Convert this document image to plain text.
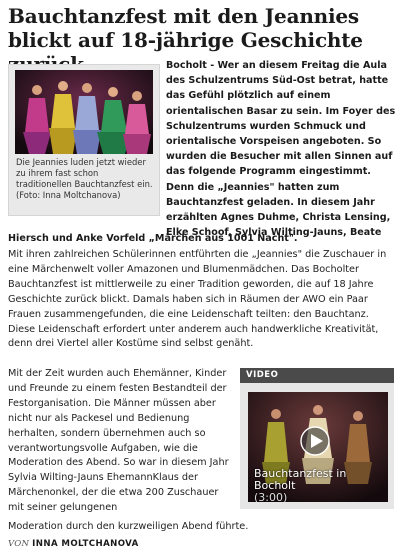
Bauchtanzfest mit den Jeannies blickt auf 18-jährige Geschichte
Die Jeannies luden jetzt wieder zu ihrem fast schon traditionellen Bauchtanzfest ein.
(Foto: Inna Moltchanova)

Bocholt - Wer an diesem Freitag die Aula des Schulzentrums Süd-Ost betrat, hatte das Gefühl plötzlich auf einem orientalischen Basar zu sein. Im Foyer des Schulzentrums wurden Schmuck und orientalische Vorspeisen angeboten. So wurden die Besucher mit allen Sinnen auf das folgende Programm eingestimmt. Denn die „Jeannies" hatten zum Bauchtanzfest geladen. In diesem Jahr erzählten Agnes Duhme, Christa Lensing, Elke Schoof, Sylvia Wilting-Jauns, Beate

Hiersch und Anke Vorfeld „Märchen aus 1001 Nacht".

Mit ihren zahlreichen Schülerinnen entführten die „Jeannies" die Zuschauer in eine Märchenwelt voller Amazonen und Blumenmädchen. Das Bocholter Bauchtanzfest ist mittlerweile zu einer Tradition geworden, die auf 18 Jahre Geschichte zurück blickt. Damals haben sich in Räumen der AWO ein Paar Frauen zusammengefunden, die eine Leidenschaft teilten: den Bauchtanz. Diese Leidenschaft erfordert unter anderem auch handwerkliche Kreativität, denn drei Viertel aller Kostüme sind selbst genäht.

Mit der Zeit wurden auch Ehemänner, Kinder und Freunde zu einem festen Bestandteil der Festorganisation. Die Männer müssen aber nicht nur als Packesel und Bedienung herhalten, sondern übernehmen auch so verantwortungsvolle Aufgaben, wie die Moderation des Abend. So war in diesem Jahr Sylvia Wilting-Jauns EhemannKlaus der Märchenonkel, der die etwa 200 Zuschauer mit seiner gelungenen

VIDEO
Bauchtanzfest in Bocholt
(3:00)

Moderation durch den kurzweiligen Abend führte.

VON INNA MOLTCHANOVA
